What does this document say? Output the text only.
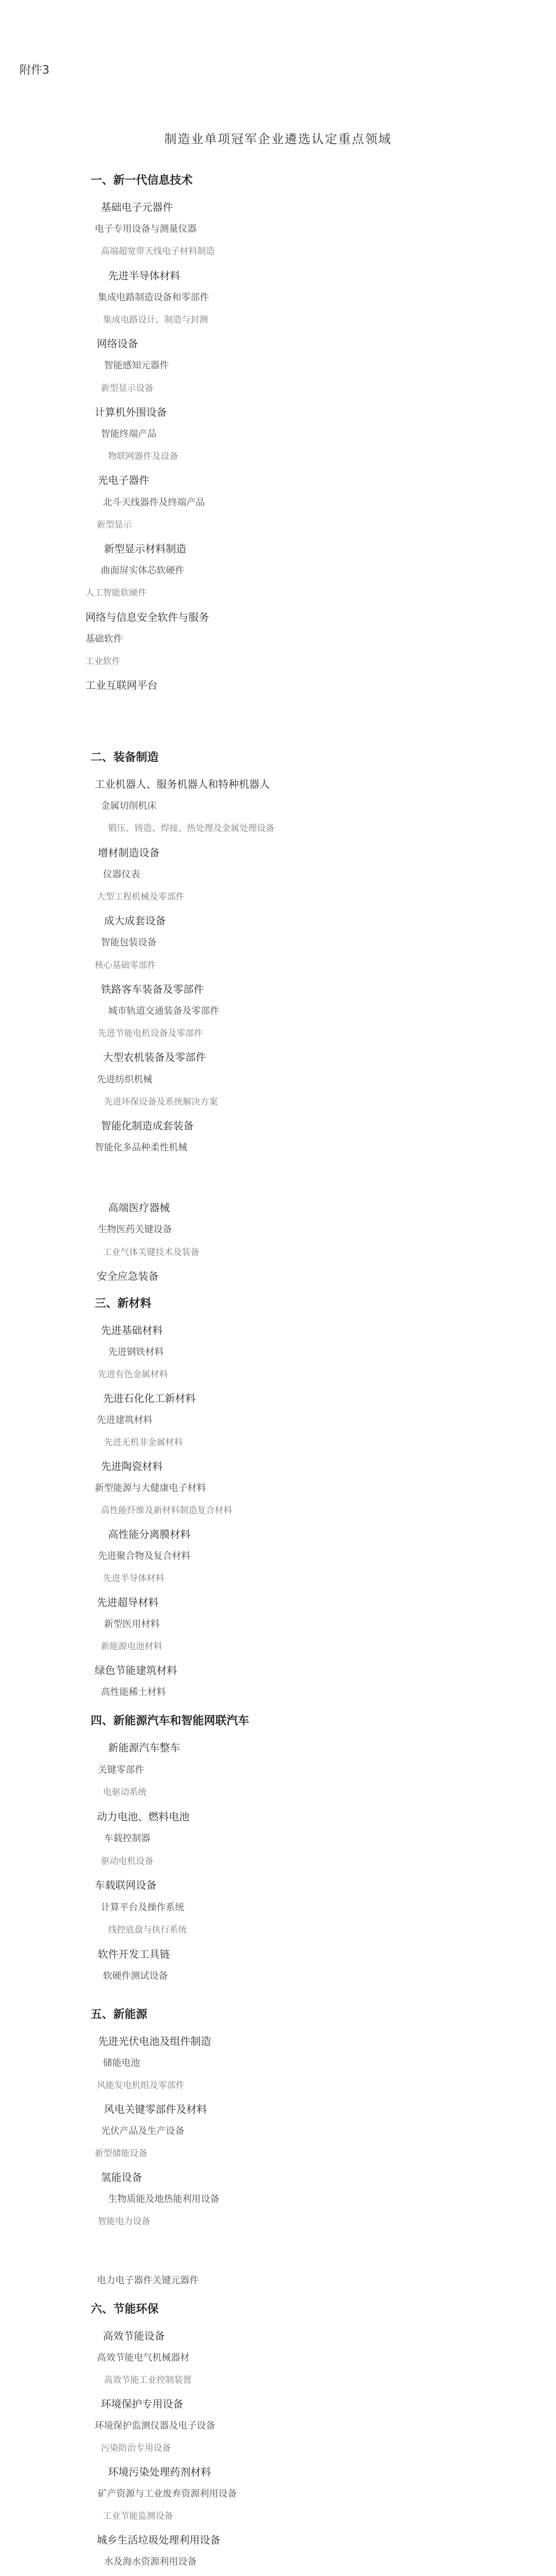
附件3
制造业单项冠军企业遴选认定重点领域
一、新一代信息技术
基础电子元器件
电子专用设备与测量仪器
高端超宽带天线电子材料制造
先进半导体材料
集成电路制造设备和零部件
集成电路设计、制造与封测
网络设备
智能感知元器件
新型显示设备
计算机外围设备
智能终端产品
物联网器件及设备
光电子器件
北斗天线器件及终端产品
新型显示
新型显示材料制造
曲面屏实体芯软硬件
人工智能软硬件
网络与信息安全软件与服务
基础软件
工业软件
工业互联网平台
二、装备制造
工业机器人、服务机器人和特种机器人
金属切削机床
锻压、铸造、焊接、热处理及金属处理设备
增材制造设备
仪器仪表
大型工程机械及零部件
成大成套设备
智能包装设备
核心基础零部件
铁路客车装备及零部件
城市轨道交通装备及零部件
先进节能电机设备及零部件
大型农机装备及零部件
先进纺织机械
先进环保设备及系统解决方案
智能化制造成套装备
智能化多品种柔性机械
高端医疗器械
生物医药关键设备
工业气体关键技术及装备
安全应急装备
三、新材料
先进基础材料
先进钢铁材料
先进有色金属材料
先进石化化工新材料
先进建筑材料
先进无机非金属材料
先进陶瓷材料
新型能源与大健康电子材料
高性能纤维及新材料制造复合材料
高性能分离膜材料
先进聚合物及复合材料
先进半导体材料
先进超导材料
新型医用材料
新能源电池材料
绿色节能建筑材料
高性能稀土材料
四、新能源汽车和智能网联汽车
新能源汽车整车
关键零部件
电驱动系统
动力电池、燃料电池
车载控制器
驱动电机设备
车载联网设备
计算平台及操作系统
线控底盘与执行系统
软件开发工具链
软硬件测试设备
五、新能源
先进光伏电池及组件制造
储能电池
风能发电机组及零部件
风电关键零部件及材料
光伏产品及生产设备
新型储能设备
氢能设备
生物质能及地热能利用设备
智能电力设备
电力电子器件关键元器件
六、节能环保
高效节能设备
高效节能电气机械器材
高效节能工业控制装置
环境保护专用设备
环境保护监测仪器及电子设备
污染防治专用设备
环境污染处理药剂材料
矿产资源与工业废弃资源利用设备
工业节能监测设备
城乡生活垃圾处理利用设备
水及海水资源利用设备
